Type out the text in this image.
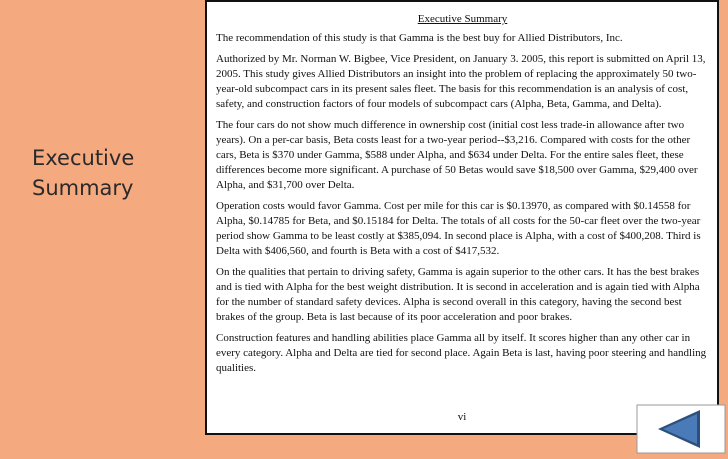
Executive Summary
Executive Summary

The recommendation of this study is that Gamma is the best buy for Allied Distributors, Inc.

Authorized by Mr. Norman W. Bigbee, Vice President, on January 3. 2005, this report is submitted on April 13, 2005. This study gives Allied Distributors an insight into the problem of replacing the approximately 50 two-year-old subcompact cars in its present sales fleet. The basis for this recommendation is an analysis of cost, safety, and construction factors of four models of subcompact cars (Alpha, Beta, Gamma, and Delta).

The four cars do not show much difference in ownership cost (initial cost less trade-in allowance after two years). On a per-car basis, Beta costs least for a two-year period--$3,216. Compared with costs for the other cars, Beta is $370 under Gamma, $588 under Alpha, and $634 under Delta. For the entire sales fleet, these differences become more significant. A purchase of 50 Betas would save $18,500 over Gamma, $29,400 over Alpha, and $31,700 over Delta.

Operation costs would favor Gamma. Cost per mile for this car is $0.13970, as compared with $0.14558 for Alpha, $0.14785 for Beta, and $0.15184 for Delta. The totals of all costs for the 50-car fleet over the two-year period show Gamma to be least costly at $385,094. In second place is Alpha, with a cost of $400,208. Third is Delta with $406,560, and fourth is Beta with a cost of $417,532.

On the qualities that pertain to driving safety, Gamma is again superior to the other cars. It has the best brakes and is tied with Alpha for the best weight distribution. It is second in acceleration and is again tied with Alpha for the number of standard safety devices. Alpha is second overall in this category, having the second best brakes of the group. Beta is last because of its poor acceleration and poor brakes.

Construction features and handling abilities place Gamma all by itself. It scores higher than any other car in every category. Alpha and Delta are tied for second place. Again Beta is last, having poor steering and handling qualities.

vi
